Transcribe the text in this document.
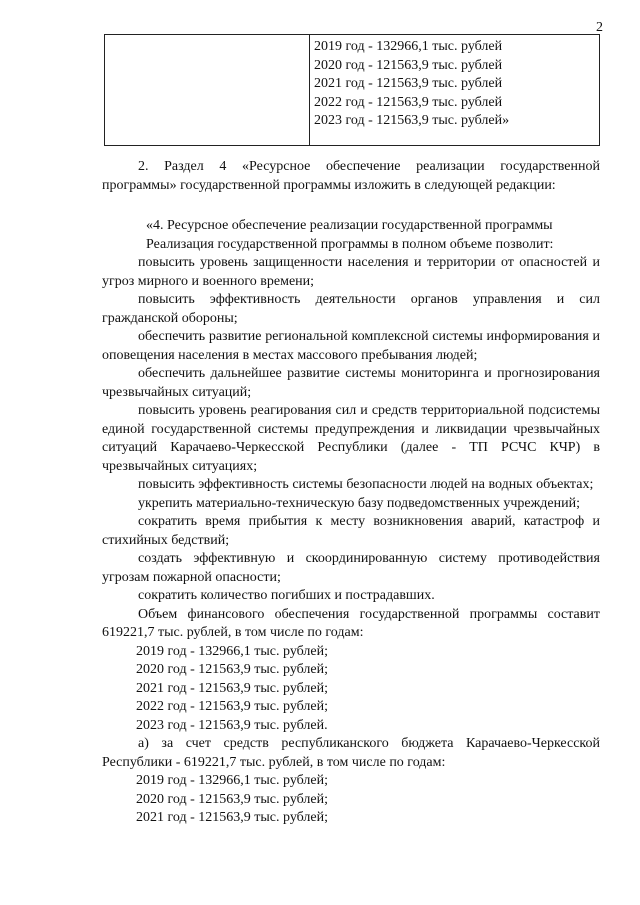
2
2019 год - 132966,1 тыс. рублей
2020 год - 121563,9 тыс. рублей
2021 год - 121563,9 тыс. рублей
2022 год - 121563,9 тыс. рублей
2023 год - 121563,9 тыс. рублей»

2. Раздел 4 «Ресурсное обеспечение реализации государственной программы» государственной программы изложить в следующей редакции:

«4. Ресурсное обеспечение реализации государственной программы

Реализация государственной программы в полном объеме позволит:

повысить уровень защищенности населения и территории от опасностей и угроз мирного и военного времени;

повысить эффективность деятельности органов управления и сил гражданской обороны;

обеспечить развитие региональной комплексной системы информирования и оповещения населения в местах массового пребывания людей;

обеспечить дальнейшее развитие системы мониторинга и прогнозирования чрезвычайных ситуаций;

повысить уровень реагирования сил и средств территориальной подсистемы единой государственной системы предупреждения и ликвидации чрезвычайных ситуаций Карачаево-Черкесской Республики (далее - ТП РСЧС КЧР) в чрезвычайных ситуациях;

повысить эффективность системы безопасности людей на водных объектах;

укрепить материально-техническую базу подведомственных учреждений;

сократить время прибытия к месту возникновения аварий, катастроф и стихийных бедствий;

создать эффективную и скоординированную систему противодействия угрозам пожарной опасности;

сократить количество погибших и пострадавших.

Объем финансового обеспечения государственной программы составит 619221,7 тыс. рублей, в том числе по годам:

2019 год - 132966,1 тыс. рублей;
2020 год - 121563,9 тыс. рублей;
2021 год - 121563,9 тыс. рублей;
2022 год - 121563,9 тыс. рублей;
2023 год - 121563,9 тыс. рублей.

а) за счет средств республиканского бюджета Карачаево-Черкесской Республики - 619221,7 тыс. рублей, в том числе по годам:

2019 год - 132966,1 тыс. рублей;
2020 год - 121563,9 тыс. рублей;
2021 год - 121563,9 тыс. рублей;
